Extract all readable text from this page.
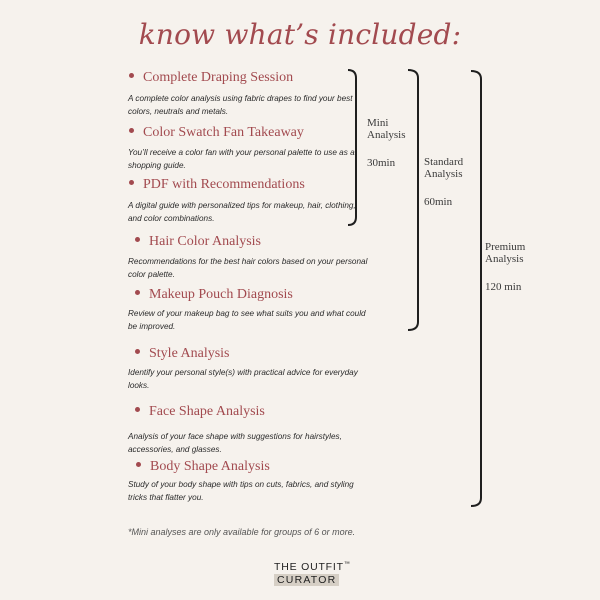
know what’s included:
Complete Draping Session
A complete color analysis using fabric drapes to find your best colors, neutrals and metals.
Color Swatch Fan Takeaway
You’ll receive a color fan with your personal palette to use as a shopping guide.
PDF with Recommendations
A digital guide with personalized tips for makeup, hair, clothing, and color combinations.
Hair Color Analysis
Recommendations for the best hair colors based on your personal color palette.
Makeup Pouch Diagnosis
Review of your makeup bag to see what suits you and what could be improved.
Style Analysis
Identify your personal style(s) with practical advice for everyday looks.
Face Shape Analysis
Analysis of your face shape with suggestions for hairstyles, accessories, and glasses.
Body Shape Analysis
Study of your body shape with tips on cuts, fabrics, and styling tricks that flatter you.
Mini
Analysis
30min	Standard
Analysis
60min
Premium
Analysis
120 min
*Mini analyses are only available for groups of 6 or more.
THE OUTFIT™
CURATOR
